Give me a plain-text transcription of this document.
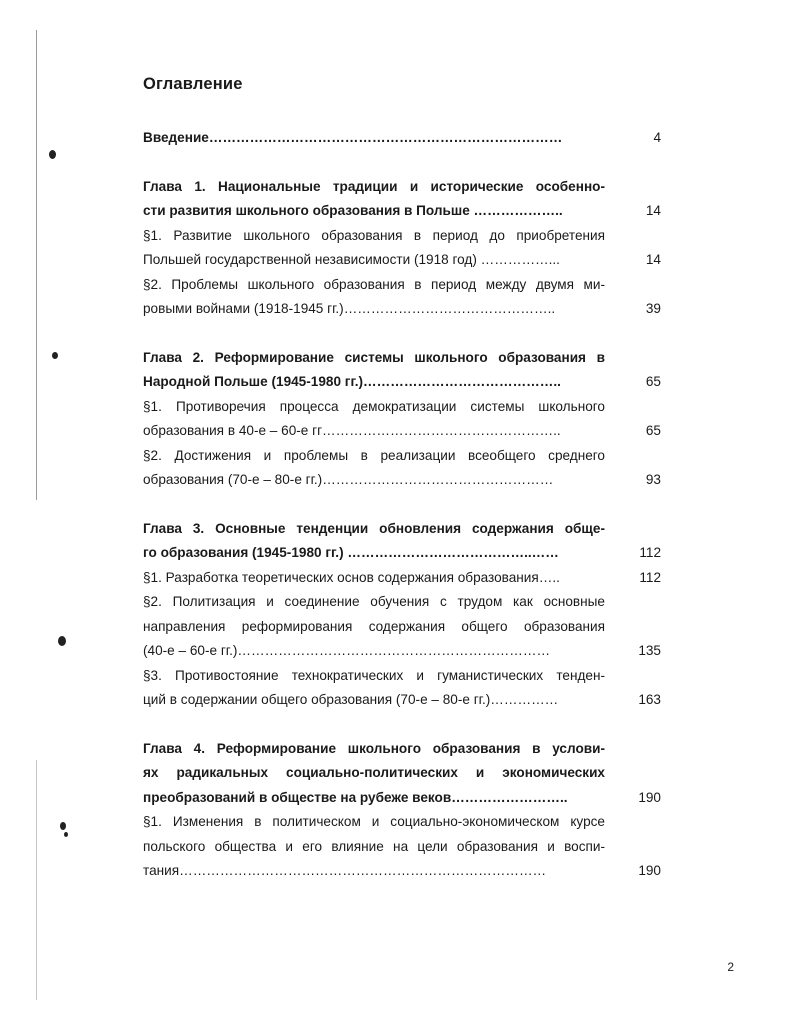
Оглавление
Введение……………………………………………………………………	4
Глава 1. Национальные традиции и исторические особенно-
сти развития школьного образования в Польше ………………..	14
§1. Развитие школьного образования в период до приобретения
Польшей государственной независимости (1918 год) ……………...	14
§2. Проблемы школьного образования в период между двумя ми-
ровыми войнами (1918-1945 гг.)………………………………………..	39
Глава 2. Реформирование системы школьного образования в
Народной Польше (1945-1980 гг.)……………………………………..	65
§1. Противоречия процесса демократизации системы школьного
образования в 40-е – 60-е гг……………………………………………..	65
§2. Достижения и проблемы в реализации всеобщего среднего
образования (70-е – 80-е гг.)……………………………………………	93
Глава 3. Основные тенденции обновления содержания обще-
го образования (1945-1980 гг.) …………………………………..……	112
§1. Разработка теоретических основ содержания образования…..	112
§2. Политизация и соединение обучения с трудом как основные
направления реформирования содержания общего образования
(40-е – 60-е гг.)……………………………………………………………	135
§3. Противостояние технократических и гуманистических тенден-
ций в содержании общего образования (70-е – 80-е гг.)……………	163
Глава 4. Реформирование школьного образования в услови-
ях радикальных социально-политических и экономических
преобразований в обществе на рубеже веков……………………..	190
§1. Изменения в политическом и социально-экономическом курсе
польского общества и его влияние на цели образования и воспи-
тания………………………………………………………………………	190
2
